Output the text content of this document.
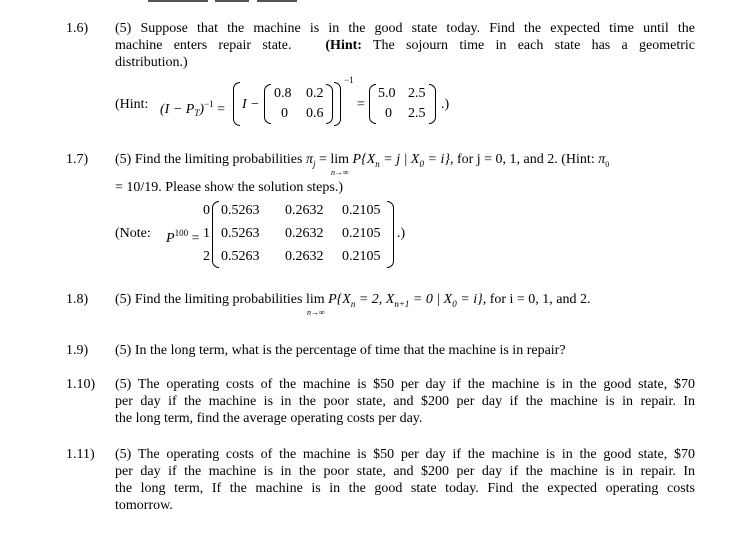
1.6) (5) Suppose that the machine is in the good state today. Find the expected time until the

machine enters repair state. (Hint: The sojourn time in each state has a geometric

distribution.)

(Hint: $(I - P_T)^{-1} = I$ −
0.8 0.2
0 0.6
$^{-1}$
=
5.0 2.5
0 2.5
.)
1.7) (5) Find the limiting probabilities $\pi_j = \lim$
n→∞
$P\{X_n = j$ | $X_0 = i$}, for j = 0, 1, and 2. (Hint: $\pi_0$
= 10/19. Please show the solution steps.)
(Note: $P^{100}$ =
0
1
2
0.5263 0.2632 0.2105
0.5263 0.2632 0.2105
0.5263 0.2632 0.2105
.)
1.8) (5) Find the limiting probabilities lim
n→∞
$P\{X_n = 2$, $X_{n+1} = 0$ | $X_0 = i$}, for i = 0, 1, and 2.
1.9) (5) In the long term, what is the percentage of time that the machine is in repair?
1.10) (5) The operating costs of the machine is $50 per day if the machine is in the good state, $70

per day if the machine is in the poor state, and $200 per day if the machine is in repair. In

the long term, find the average operating costs per day.

1.11) (5) The operating costs of the machine is $50 per day if the machine is in the good state, $70

per day if the machine is in the poor state, and $200 per day if the machine is in repair. In

the long term, If the machine is in the good state today. Find the expected operating costs

tomorrow.
